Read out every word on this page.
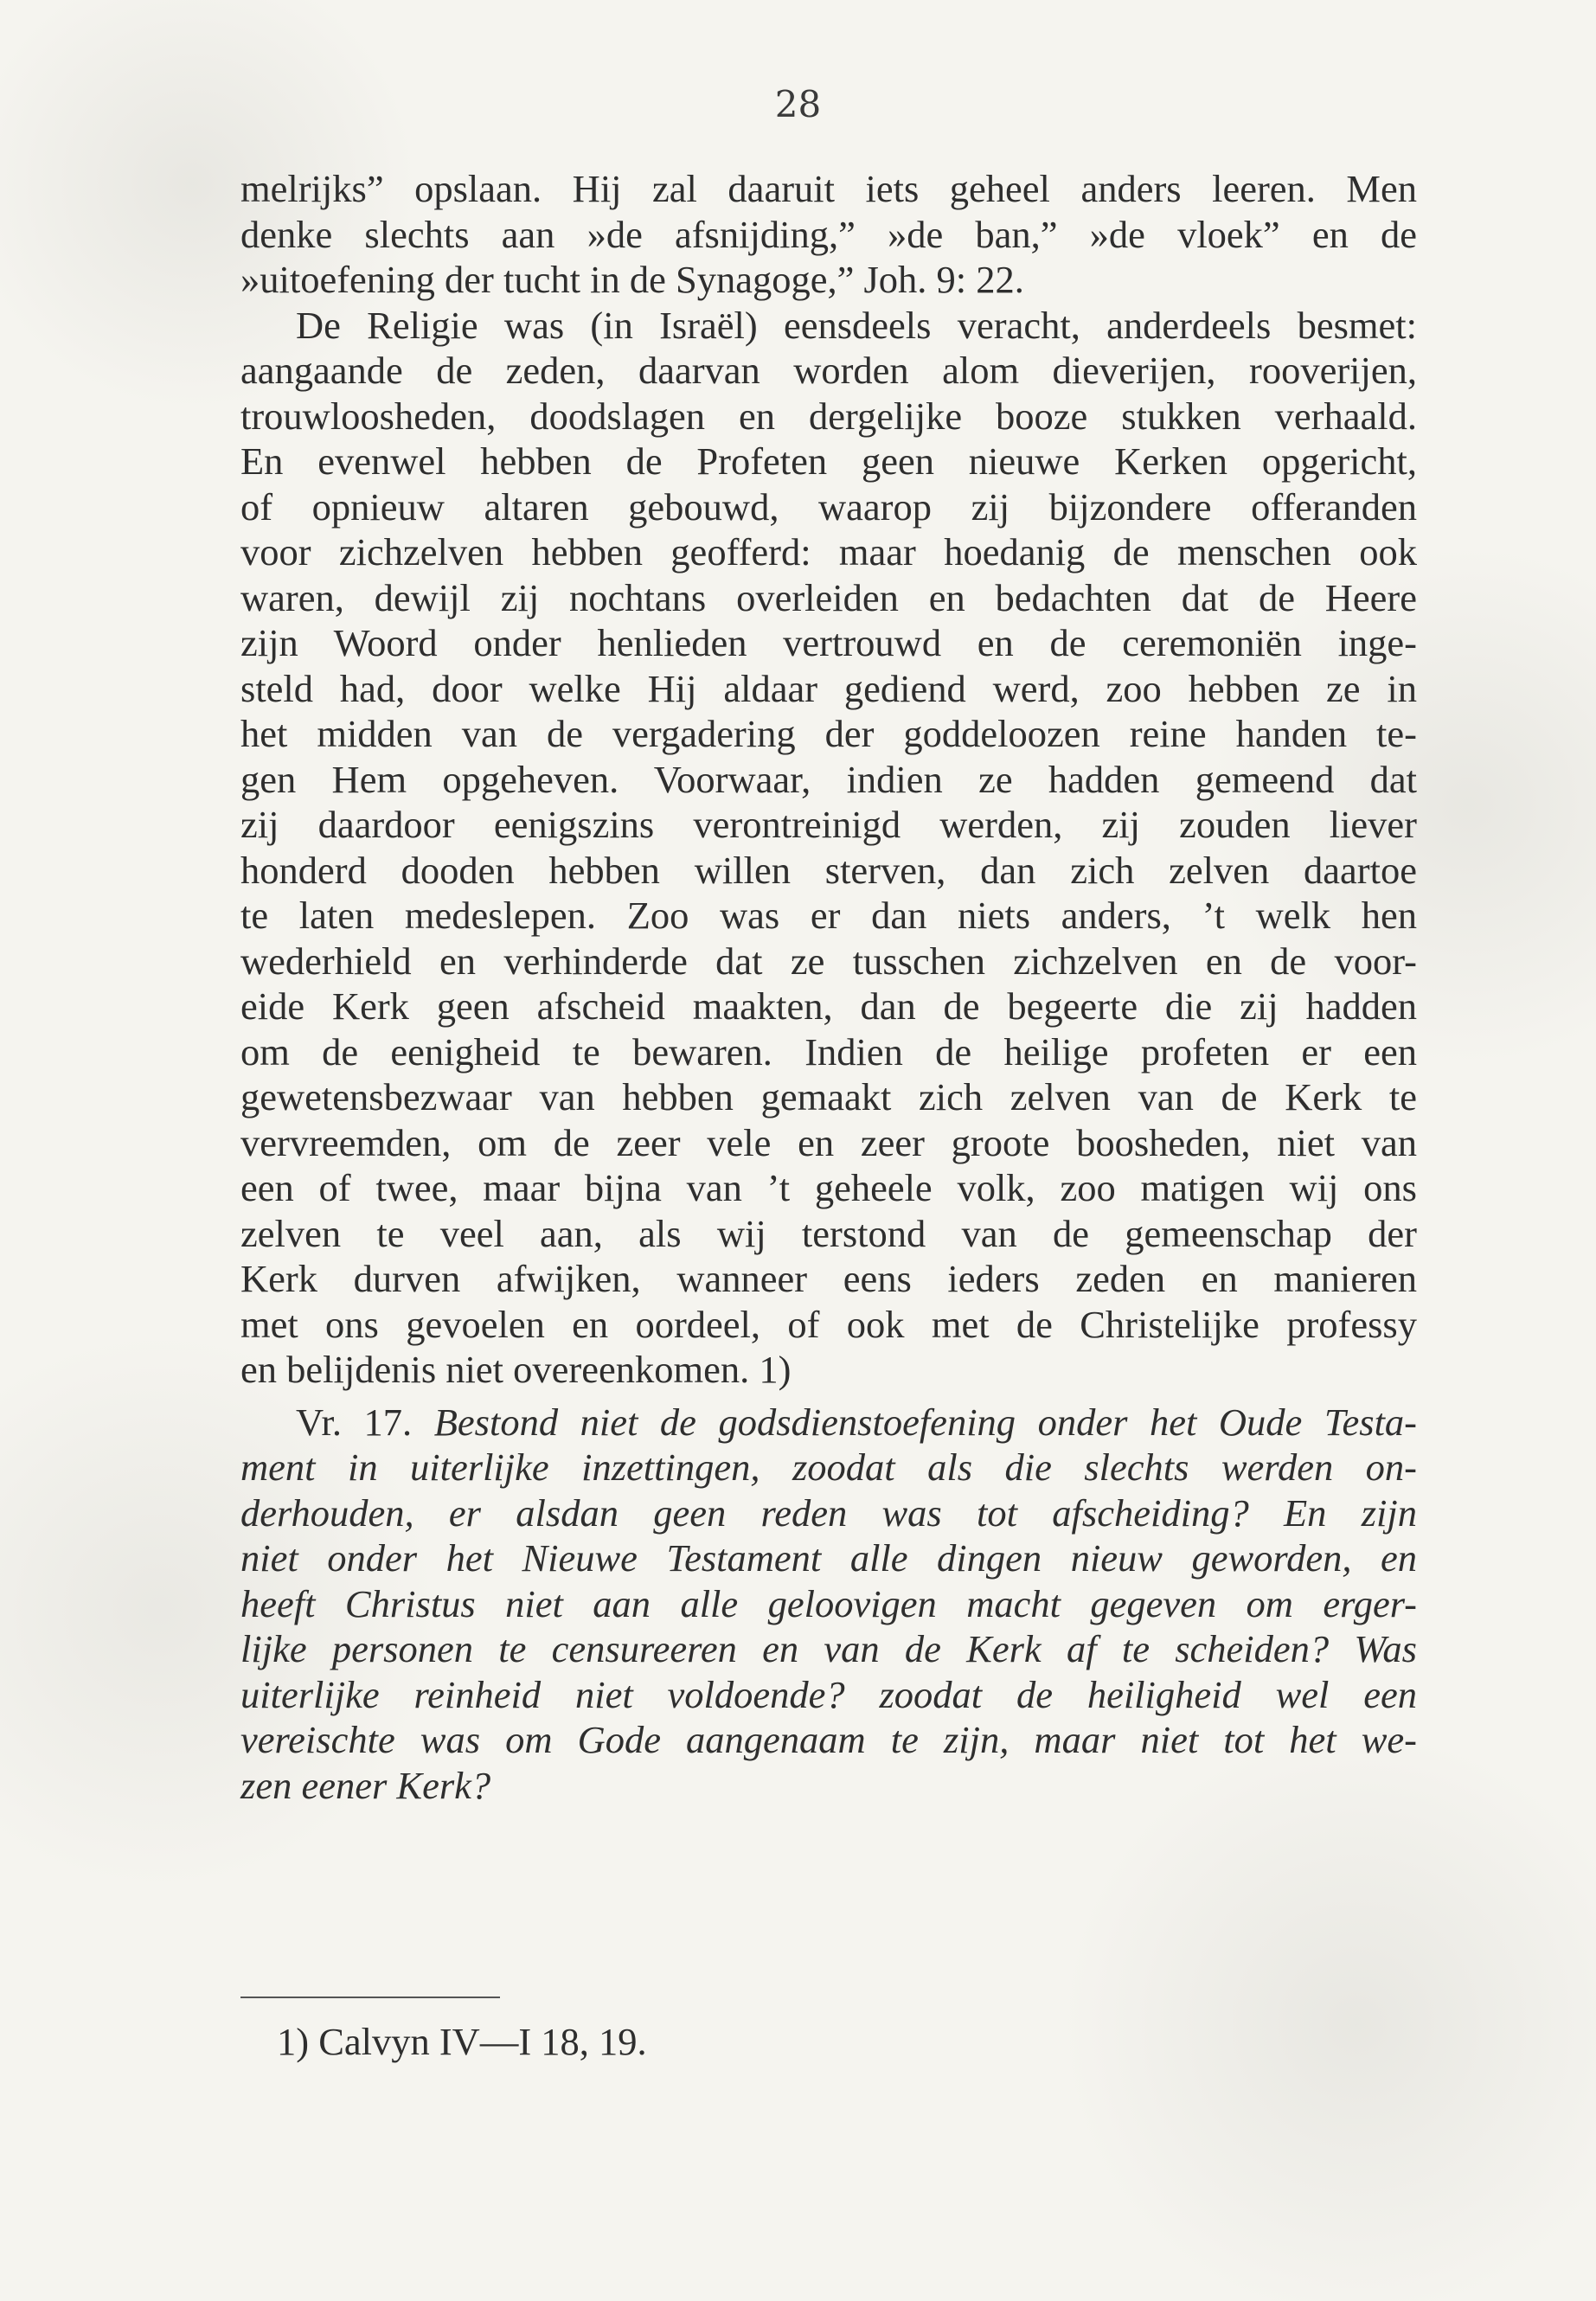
28
melrijks” opslaan. Hij zal daaruit iets geheel anders leeren. Men
denke slechts aan »de afsnijding,” »de ban,” »de vloek” en de
»uitoefening der tucht in de Synagoge,” Joh. 9: 22.
De Religie was (in Israël) eensdeels veracht, anderdeels besmet:
aangaande de zeden, daarvan worden alom dieverijen, rooverijen,
trouwloosheden, doodslagen en dergelijke booze stukken verhaald.
En evenwel hebben de Profeten geen nieuwe Kerken opgericht,
of opnieuw altaren gebouwd, waarop zij bijzondere offeranden
voor zichzelven hebben geofferd: maar hoedanig de menschen ook
waren, dewijl zij nochtans overleiden en bedachten dat de Heere
zijn Woord onder henlieden vertrouwd en de ceremoniën inge-
steld had, door welke Hij aldaar gediend werd, zoo hebben ze in
het midden van de vergadering der goddeloozen reine handen te-
gen Hem opgeheven. Voorwaar, indien ze hadden gemeend dat
zij daardoor eenigszins verontreinigd werden, zij zouden liever
honderd dooden hebben willen sterven, dan zich zelven daartoe
te laten medeslepen. Zoo was er dan niets anders, ’t welk hen
wederhield en verhinderde dat ze tusschen zichzelven en de voor-
eide Kerk geen afscheid maakten, dan de begeerte die zij hadden
om de eenigheid te bewaren. Indien de heilige profeten er een
gewetensbezwaar van hebben gemaakt zich zelven van de Kerk te
vervreemden, om de zeer vele en zeer groote boosheden, niet van
een of twee, maar bijna van ’t geheele volk, zoo matigen wij ons
zelven te veel aan, als wij terstond van de gemeenschap der
Kerk durven afwijken, wanneer eens ieders zeden en manieren
met ons gevoelen en oordeel, of ook met de Christelijke professy
en belijdenis niet overeenkomen. 1)
Vr. 17. Bestond niet de godsdienstoefening onder het Oude Testa-
ment in uiterlijke inzettingen, zoodat als die slechts werden on-
derhouden, er alsdan geen reden was tot afscheiding? En zijn
niet onder het Nieuwe Testament alle dingen nieuw geworden, en
heeft Christus niet aan alle geloovigen macht gegeven om erger-
lijke personen te censureeren en van de Kerk af te scheiden? Was
uiterlijke reinheid niet voldoende? zoodat de heiligheid wel een
vereischte was om Gode aangenaam te zijn, maar niet tot het we-
zen eener Kerk?
1) Calvyn IV—I 18, 19.
